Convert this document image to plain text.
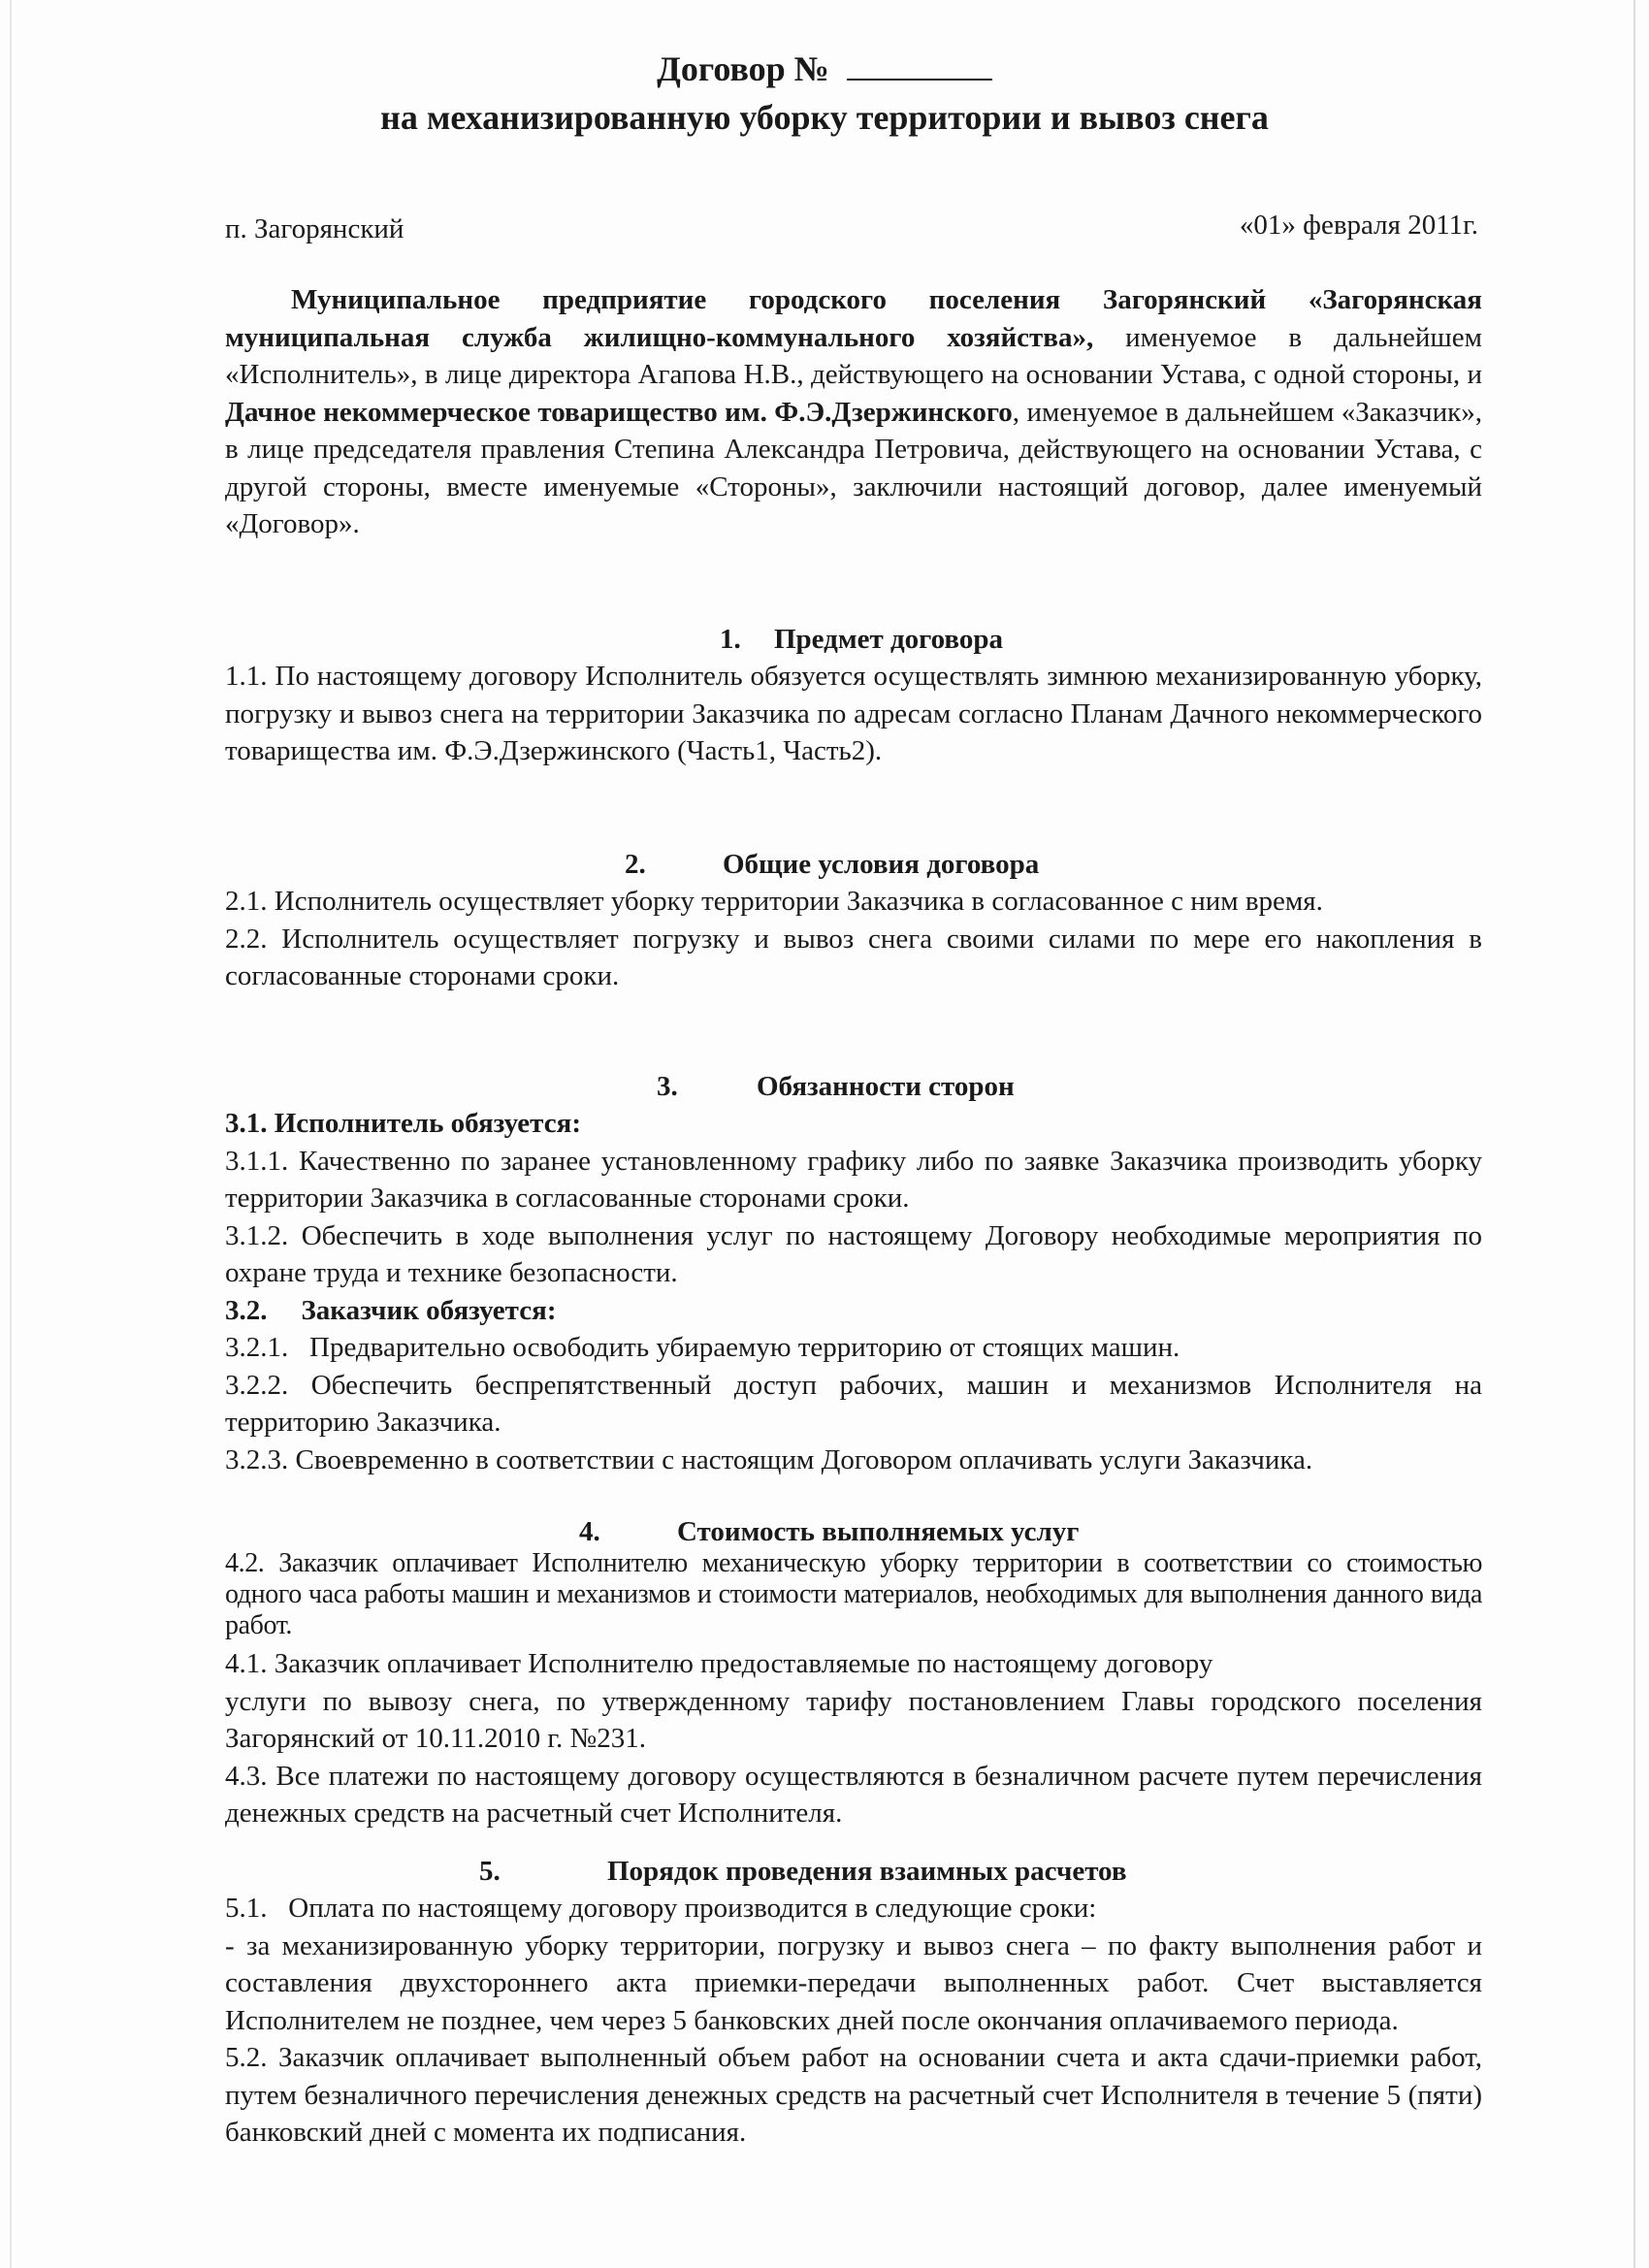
Договор №
на механизированную уборку территории и вывоз снега
п. Загорянский	«01» февраля 2011г.

Муниципальное предприятие городского поселения Загорянский «Загорянская муниципальная служба жилищно-коммунального хозяйства», именуемое в дальнейшем «Исполнитель», в лице директора Агапова Н.В., действующего на основании Устава, с одной стороны, и Дачное некоммерческое товарищество им. Ф.Э.Дзержинского, именуемое в дальнейшем «Заказчик», в лице председателя правления Степина Александра Петровича, действующего на основании Устава, с другой стороны, вместе именуемые «Стороны», заключили настоящий договор, далее именуемый «Договор».

1. Предмет договора

1.1. По настоящему договору Исполнитель обязуется осуществлять зимнюю механизированную уборку, погрузку и вывоз снега на территории Заказчика по адресам согласно Планам Дачного некоммерческого товарищества им. Ф.Э.Дзержинского (Часть1, Часть2).

2.	Общие условия договора

2.1. Исполнитель осуществляет уборку территории Заказчика в согласованное с ним время.

2.2. Исполнитель осуществляет погрузку и вывоз снега своими силами по мере его накопления в согласованные сторонами сроки.

3.	Обязанности сторон

3.1. Исполнитель обязуется:

3.1.1. Качественно по заранее установленному графику либо по заявке Заказчика производить уборку территории Заказчика в согласованные сторонами сроки.

3.1.2. Обеспечить в ходе выполнения услуг по настоящему Договору необходимые мероприятия по охране труда и технике безопасности.

3.2. Заказчик обязуется:

3.2.1.   Предварительно освободить убираемую территорию от стоящих машин.

3.2.2. Обеспечить беспрепятственный доступ рабочих, машин и механизмов Исполнителя на территорию Заказчика.

3.2.3. Своевременно в соответствии с настоящим Договором оплачивать услуги Заказчика.

4.	Стоимость выполняемых услуг

4.2. Заказчик оплачивает Исполнителю механическую уборку территории в соответствии со стоимостью одного часа работы машин и механизмов и стоимости материалов, необходимых для выполнения данного вида работ.

4.1. Заказчик оплачивает Исполнителю предоставляемые по настоящему договору

услуги по вывозу снега, по утвержденному тарифу постановлением Главы городского поселения Загорянский от 10.11.2010 г. №231.

4.3. Все платежи по настоящему договору осуществляются в безналичном расчете путем перечисления денежных средств на расчетный счет Исполнителя.

5.	Порядок проведения взаимных расчетов

5.1.   Оплата по настоящему договору производится в следующие сроки:

- за механизированную уборку территории, погрузку и вывоз снега – по факту выполнения работ и составления двухстороннего акта приемки-передачи выполненных работ. Счет выставляется Исполнителем не позднее, чем через 5 банковских дней после окончания оплачиваемого периода.

5.2. Заказчик оплачивает выполненный объем работ на основании счета и акта сдачи-приемки работ, путем безналичного перечисления денежных средств на расчетный счет Исполнителя в течение 5 (пяти) банковский дней с момента их подписания.
